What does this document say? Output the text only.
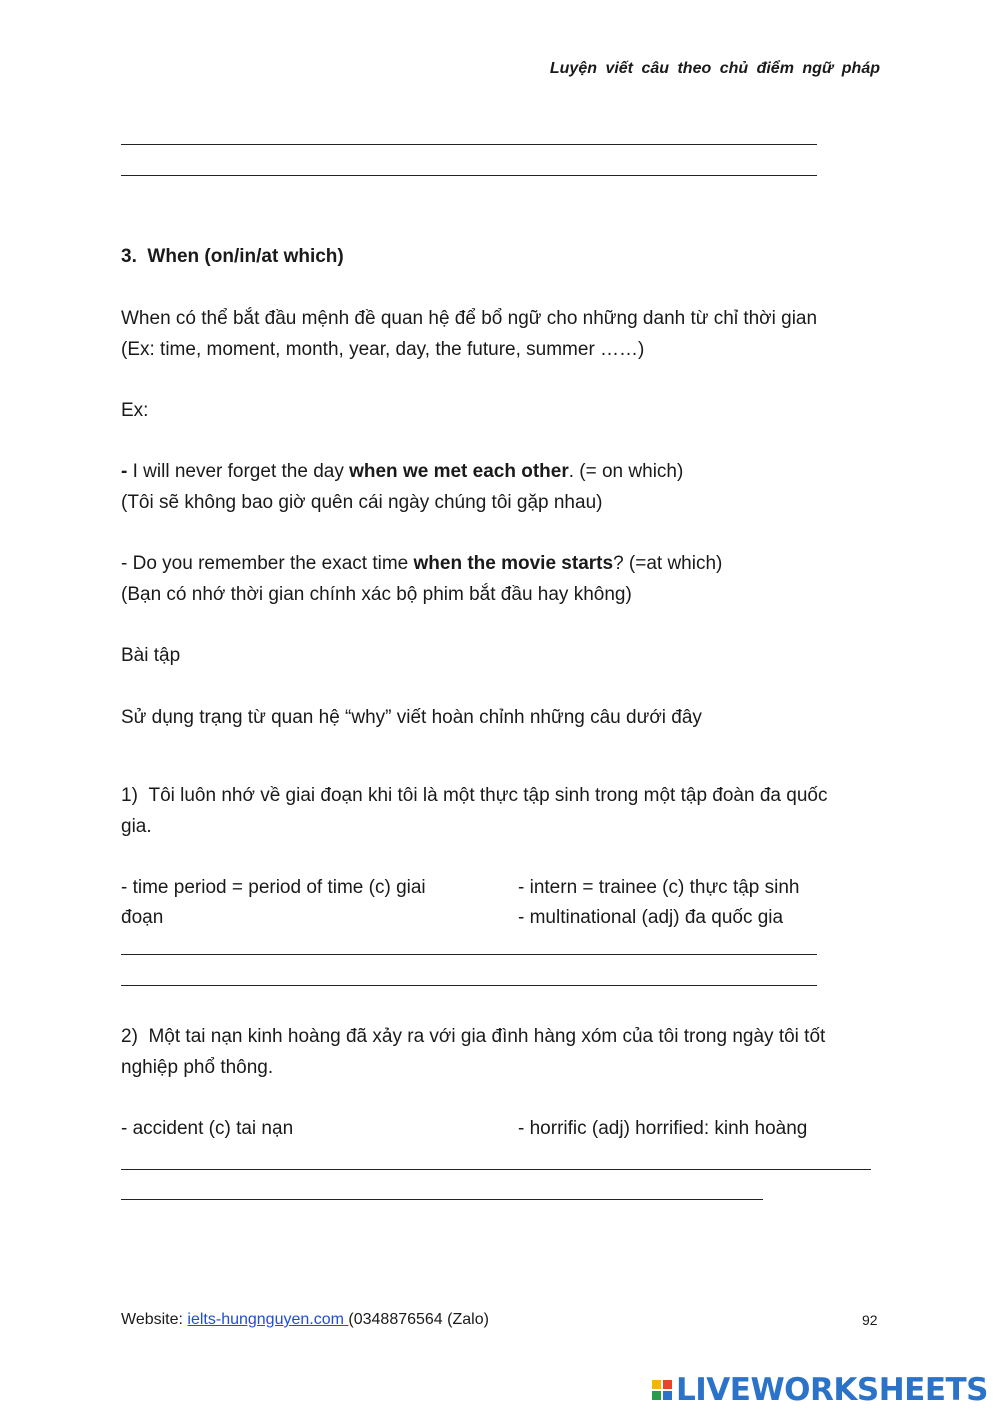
Luyện viết câu theo chủ điểm ngữ pháp
3. When (on/in/at which)
When có thể bắt đầu mệnh đề quan hệ để bổ ngữ cho những danh từ chỉ thời gian
(Ex: time, moment, month, year, day, the future, summer ……)
Ex:
- I will never forget the day when we met each other. (= on which)
(Tôi sẽ không bao giờ quên cái ngày chúng tôi gặp nhau)
- Do you remember the exact time when the movie starts? (=at which)
(Bạn có nhớ thời gian chính xác bộ phim bắt đầu hay không)
Bài tập
Sử dụng trạng từ quan hệ “why” viết hoàn chỉnh những câu dưới đây
1) Tôi luôn nhớ về giai đoạn khi tôi là một thực tập sinh trong một tập đoàn đa quốc
gia.
- time period = period of time (c) giai
đoạn
- intern = trainee (c) thực tập sinh
- multinational (adj) đa quốc gia
2) Một tai nạn kinh hoàng đã xảy ra với gia đình hàng xóm của tôi trong ngày tôi tốt
nghiệp phổ thông.
- accident (c) tai nạn	- horrific (adj) horrified: kinh hoàng
Website: ielts-hungnguyen.com (0348876564 (Zalo)	92
LIVEWORKSHEETS
